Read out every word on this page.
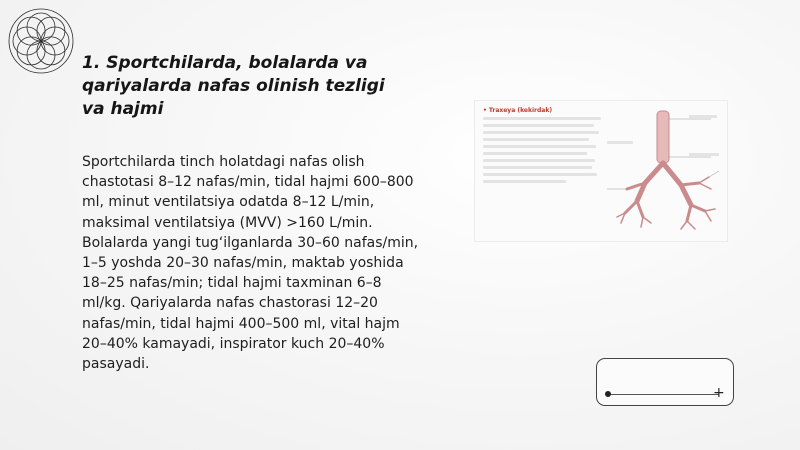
1. Sportchilarda, bolalarda va qariyalarda nafas olinish tezligi va hajmi

Sportchilarda tinch holatdagi nafas olish chastotasi 8–12 nafas/min, tidal hajmi 600–800 ml, minut ventilatsiya odatda 8–12 L/min, maksimal ventilatsiya (MVV) >160 L/min. Bolalarda yangi tug‘ilganlarda 30–60 nafas/min, 1–5 yoshda 20–30 nafas/min, maktab yoshida 18–25 nafas/min; tidal hajmi taxminan 6–8 ml/kg. Qariyalarda nafas chastorasi 12–20 nafas/min, tidal hajmi 400–500 ml, vital hajm 20–40% kamayadi, inspirator kuch 20–40% pasayadi.

• Traxeya (kekirdak)
+
